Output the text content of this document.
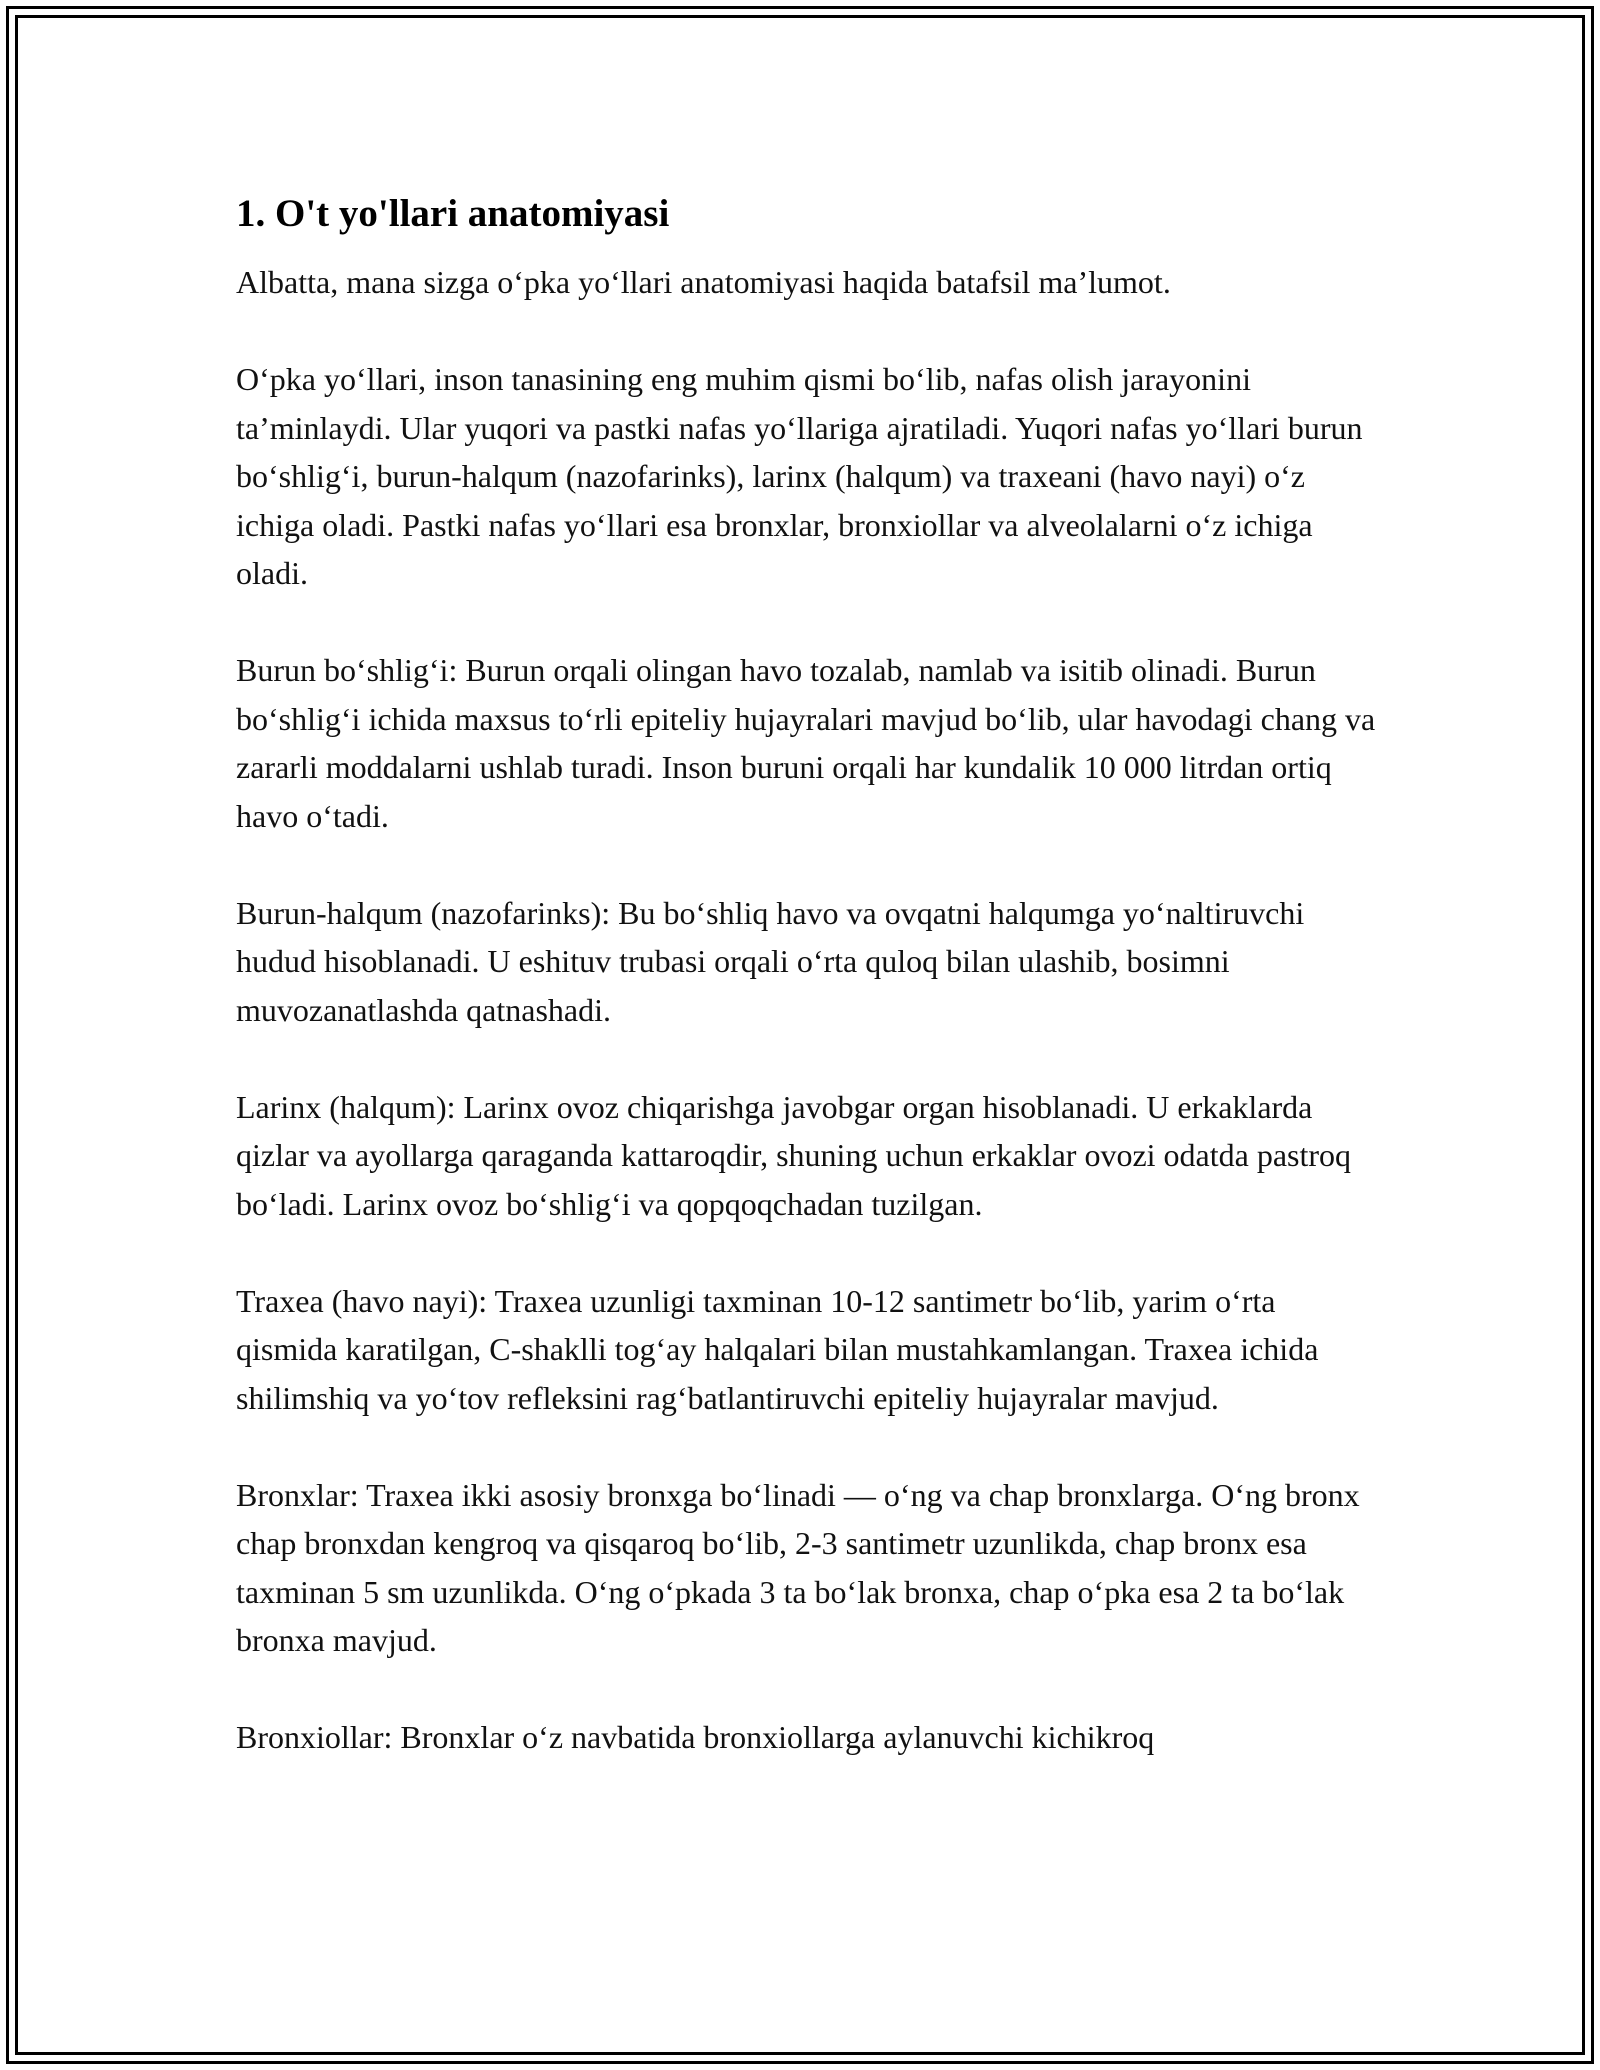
1. O't yo'llari anatomiyasi

Albatta, mana sizga o‘pka yo‘llari anatomiyasi haqida batafsil ma’lumot.

O‘pka yo‘llari, inson tanasining eng muhim qismi bo‘lib, nafas olish jarayonini ta’minlaydi. Ular yuqori va pastki nafas yo‘llariga ajratiladi. Yuqori nafas yo‘llari burun bo‘shlig‘i, burun-halqum (nazofarinks), larinx (halqum) va traxeani (havo nayi) o‘z ichiga oladi. Pastki nafas yo‘llari esa bronxlar, bronxiollar va alveolalarni o‘z ichiga oladi.

Burun bo‘shlig‘i: Burun orqali olingan havo tozalab, namlab va isitib olinadi. Burun bo‘shlig‘i ichida maxsus to‘rli epiteliy hujayralari mavjud bo‘lib, ular havodagi chang va zararli moddalarni ushlab turadi. Inson buruni orqali har kundalik 10 000 litrdan ortiq havo o‘tadi.

Burun-halqum (nazofarinks): Bu bo‘shliq havo va ovqatni halqumga yo‘naltiruvchi hudud hisoblanadi. U eshituv trubasi orqali o‘rta quloq bilan ulashib, bosimni muvozanatlashda qatnashadi.

Larinx (halqum): Larinx ovoz chiqarishga javobgar organ hisoblanadi. U erkaklarda qizlar va ayollarga qaraganda kattaroqdir, shuning uchun erkaklar ovozi odatda pastroq bo‘ladi. Larinx ovoz bo‘shlig‘i va qopqoqchadan tuzilgan.

Traxea (havo nayi): Traxea uzunligi taxminan 10-12 santimetr bo‘lib, yarim o‘rta qismida karatilgan, C-shaklli tog‘ay halqalari bilan mustahkamlangan. Traxea ichida shilimshiq va yo‘tov refleksini rag‘batlantiruvchi epiteliy hujayralar mavjud.

Bronxlar: Traxea ikki asosiy bronxga bo‘linadi — o‘ng va chap bronxlarga. O‘ng bronx chap bronxdan kengroq va qisqaroq bo‘lib, 2-3 santimetr uzunlikda, chap bronx esa taxminan 5 sm uzunlikda. O‘ng o‘pkada 3 ta bo‘lak bronxa, chap o‘pka esa 2 ta bo‘lak bronxa mavjud.

Bronxiollar: Bronxlar o‘z navbatida bronxiollarga aylanuvchi kichikroq
